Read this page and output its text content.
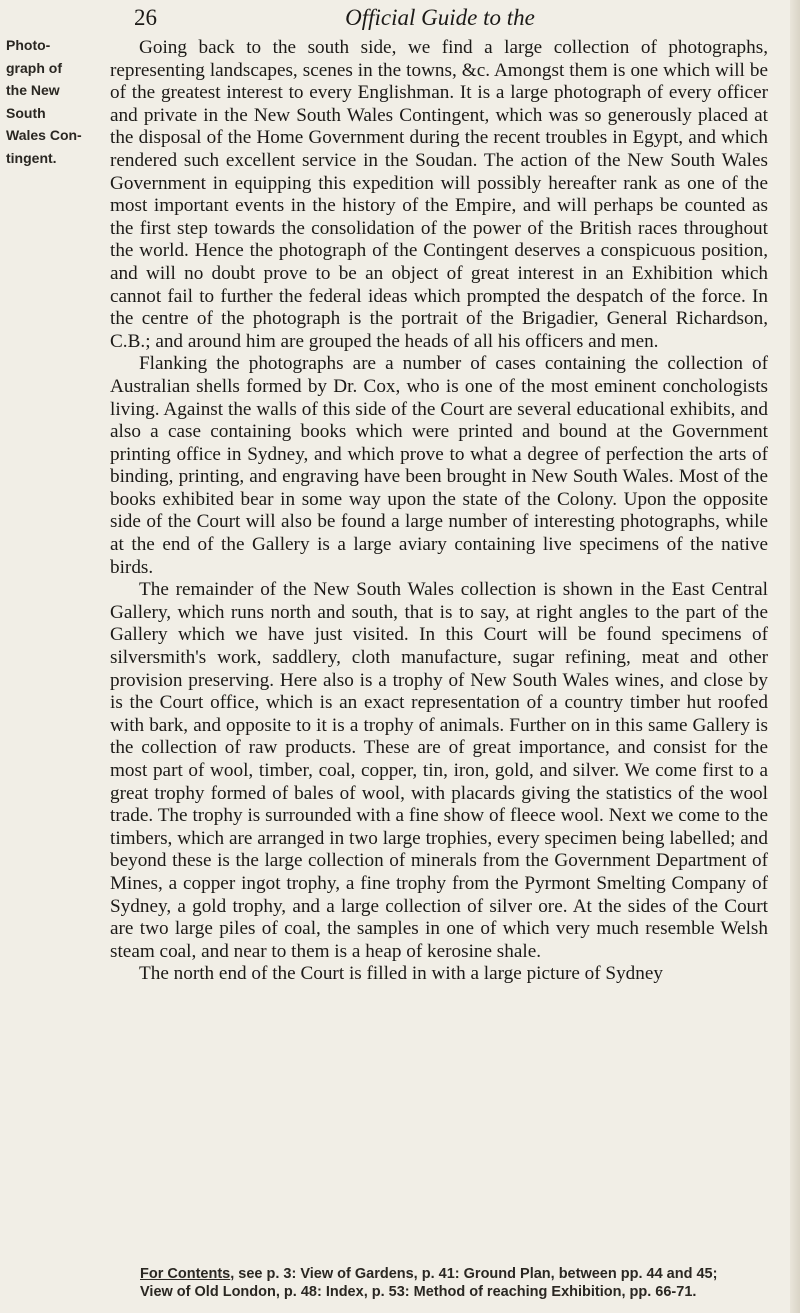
26	Official Guide to the
Photo-
graph of
the New
South
Wales Con-
tingent.

Going back to the south side, we find a large collection of photographs, representing landscapes, scenes in the towns, &c. Amongst them is one which will be of the greatest interest to every Englishman. It is a large photograph of every officer and private in the New South Wales Contingent, which was so generously placed at the disposal of the Home Government during the recent troubles in Egypt, and which rendered such excellent service in the Soudan. The action of the New South Wales Government in equipping this expedition will possibly hereafter rank as one of the most important events in the history of the Empire, and will perhaps be counted as the first step towards the consolidation of the power of the British races throughout the world. Hence the photograph of the Contingent deserves a conspicuous position, and will no doubt prove to be an object of great interest in an Exhibition which cannot fail to further the federal ideas which prompted the despatch of the force. In the centre of the photograph is the portrait of the Brigadier, General Richardson, C.B.; and around him are grouped the heads of all his officers and men.

Flanking the photographs are a number of cases containing the collection of Australian shells formed by Dr. Cox, who is one of the most eminent conchologists living. Against the walls of this side of the Court are several educational exhibits, and also a case containing books which were printed and bound at the Government printing office in Sydney, and which prove to what a degree of perfection the arts of binding, printing, and engraving have been brought in New South Wales. Most of the books exhibited bear in some way upon the state of the Colony. Upon the opposite side of the Court will also be found a large number of interesting photographs, while at the end of the Gallery is a large aviary containing live specimens of the native birds.

The remainder of the New South Wales collection is shown in the East Central Gallery, which runs north and south, that is to say, at right angles to the part of the Gallery which we have just visited. In this Court will be found specimens of silversmith's work, saddlery, cloth manufacture, sugar refining, meat and other provision preserving. Here also is a trophy of New South Wales wines, and close by is the Court office, which is an exact representation of a country timber hut roofed with bark, and opposite to it is a trophy of animals. Further on in this same Gallery is the collection of raw products. These are of great importance, and consist for the most part of wool, timber, coal, copper, tin, iron, gold, and silver. We come first to a great trophy formed of bales of wool, with placards giving the statistics of the wool trade. The trophy is surrounded with a fine show of fleece wool. Next we come to the timbers, which are arranged in two large trophies, every specimen being labelled; and beyond these is the large collection of minerals from the Government Department of Mines, a copper ingot trophy, a fine trophy from the Pyrmont Smelting Company of Sydney, a gold trophy, and a large collection of silver ore. At the sides of the Court are two large piles of coal, the samples in one of which very much resemble Welsh steam coal, and near to them is a heap of kerosine shale.

The north end of the Court is filled in with a large picture of Sydney

For Contents, see p. 3: View of Gardens, p. 41: Ground Plan, between pp. 44 and 45;
View of Old London, p. 48: Index, p. 53: Method of reaching Exhibition, pp. 66-71.
